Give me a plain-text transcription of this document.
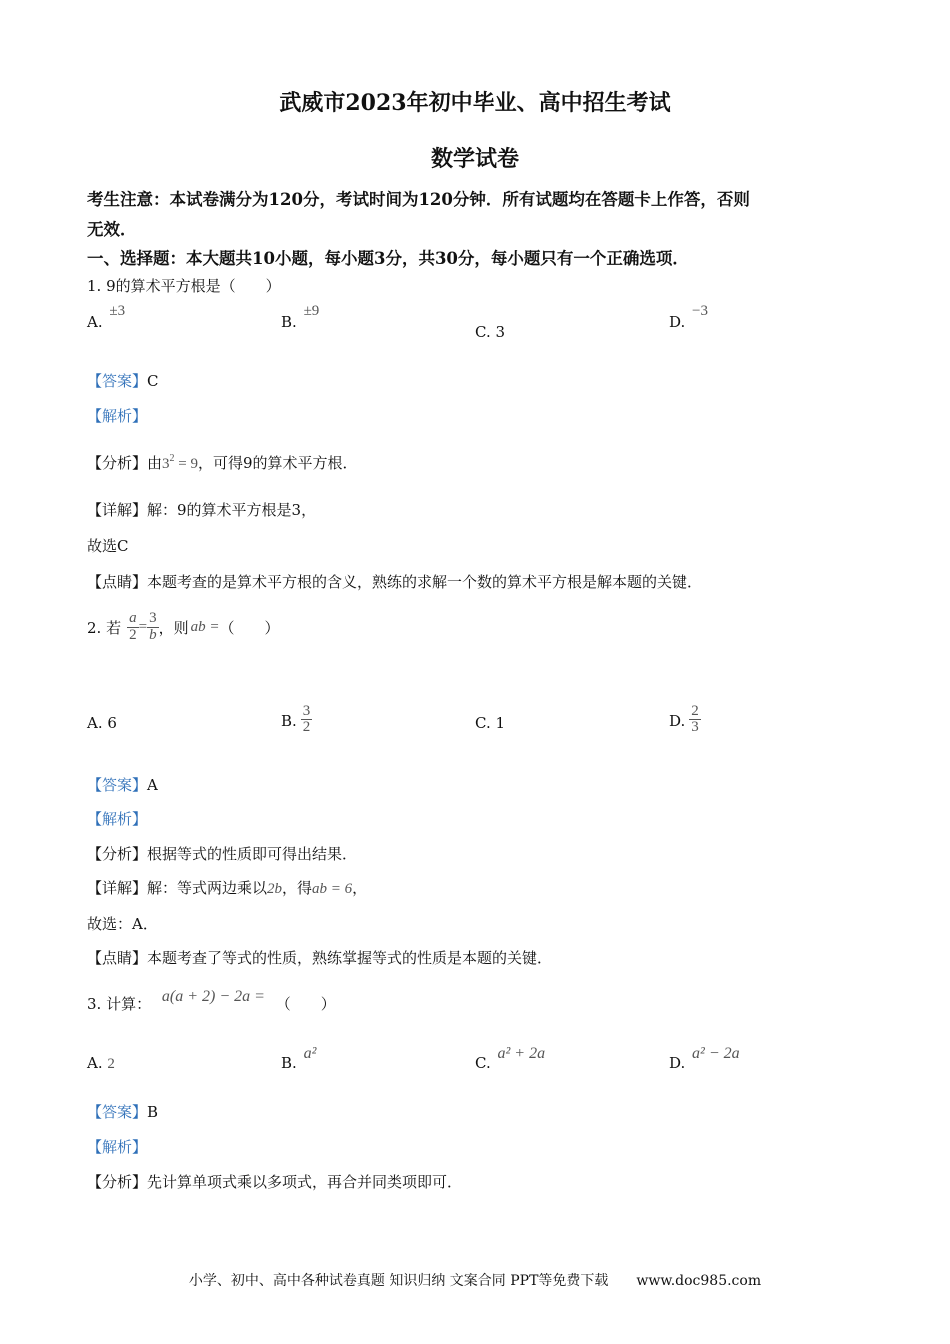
武威市2023年初中毕业、高中招生考试
数学试卷
考生注意：本试卷满分为120分，考试时间为120分钟．所有试题均在答题卡上作答，否则
无效．
一、选择题：本大题共10小题，每小题3分，共30分，每小题只有一个正确选项．
1. 9的算术平方根是（　　）
A. ±3
B. ±9
C. 3
D. −3
【答案】C
【解析】
【分析】由$3^2 = 9$，可得9的算术平方根．
【详解】解：9的算术平方根是3，
故选C
【点睛】本题考查的是算术平方根的含义，熟练的求解一个数的算术平方根是解本题的关键．
2. 若 $\frac{a}{2} = \frac{3}{b}$ ，则 ab = （　　）
A. 6	B. $\frac{3}{2}$	C. 1	D. $\frac{2}{3}$
【答案】A
【解析】
【分析】根据等式的性质即可得出结果．
【详解】解：等式两边乘以2b，得ab = 6，
故选：A．
【点睛】本题考查了等式的性质，熟练掌握等式的性质是本题的关键．
3. 计算： a(a + 2) − 2a = （　　）
A. 2	B. a²
C. a² + 2a
D. a² − 2a
【答案】B
【解析】
【分析】先计算单项式乘以多项式，再合并同类项即可．
小学、初中、高中各种试卷真题 知识归纳 文案合同 PPT等免费下载　　www.doc985.com
